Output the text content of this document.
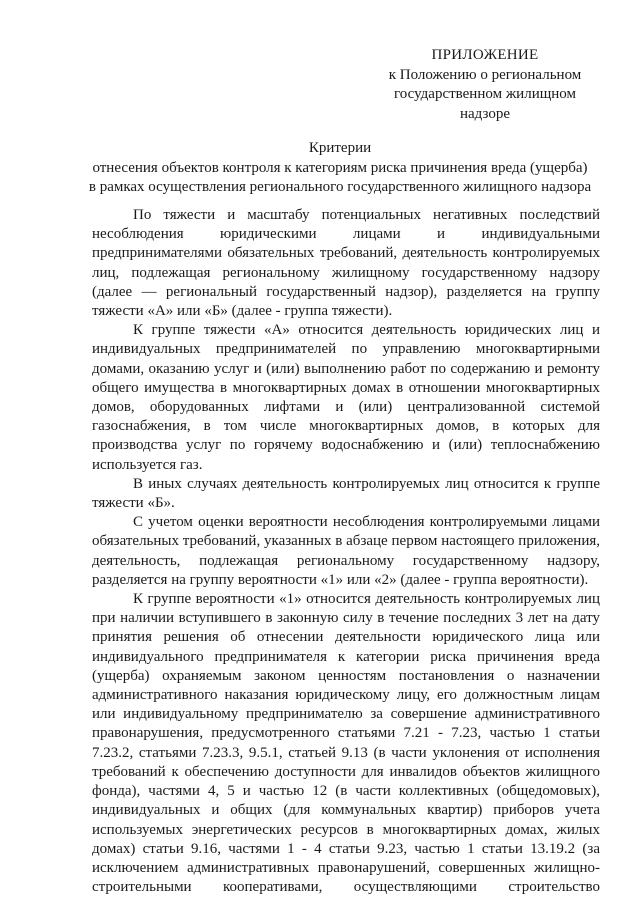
ПРИЛОЖЕНИЕ
к Положению о региональном
государственном жилищном
надзоре
Критерии
отнесения объектов контроля к категориям риска причинения вреда (ущерба)
в рамках осуществления регионального государственного жилищного надзора

По тяжести и масштабу потенциальных негативных последствий несоблюдения юридическими лицами и индивидуальными предпринимателями обязательных требований, деятельность контролируемых лиц, подлежащая региональному жилищному государственному надзору (далее — региональный государственный надзор), разделяется на группу тяжести «А» или «Б» (далее - группа тяжести).

К группе тяжести «А» относится деятельность юридических лиц и индивидуальных предпринимателей по управлению многоквартирными домами, оказанию услуг и (или) выполнению работ по содержанию и ремонту общего имущества в многоквартирных домах в отношении многоквартирных домов, оборудованных лифтами и (или) централизованной системой газоснабжения, в том числе многоквартирных домов, в которых для производства услуг по горячему водоснабжению и (или) теплоснабжению используется газ.

В иных случаях деятельность контролируемых лиц относится к группе тяжести «Б».

С учетом оценки вероятности несоблюдения контролируемыми лицами обязательных требований, указанных в абзаце первом настоящего приложения, деятельность, подлежащая региональному государственному надзору, разделяется на группу вероятности «1» или «2» (далее - группа вероятности).

К группе вероятности «1» относится деятельность контролируемых лиц при наличии вступившего в законную силу в течение последних 3 лет на дату принятия решения об отнесении деятельности юридического лица или индивидуального предпринимателя к категории риска причинения вреда (ущерба) охраняемым законом ценностям постановления о назначении административного наказания юридическому лицу, его должностным лицам или индивидуальному предпринимателю за совершение административного правонарушения, предусмотренного статьями 7.21 - 7.23, частью 1 статьи 7.23.2, статьями 7.23.3, 9.5.1, статьей 9.13 (в части уклонения от исполнения требований к обеспечению доступности для инвалидов объектов жилищного фонда), частями 4, 5 и частью 12 (в части коллективных (общедомовых), индивидуальных и общих (для коммунальных квартир) приборов учета используемых энергетических ресурсов в многоквартирных домах, жилых домах) статьи 9.16, частями 1 - 4 статьи 9.23, частью 1 статьи 13.19.2 (за исключением административных правонарушений, совершенных жилищно-строительными кооперативами, осуществляющими строительство
